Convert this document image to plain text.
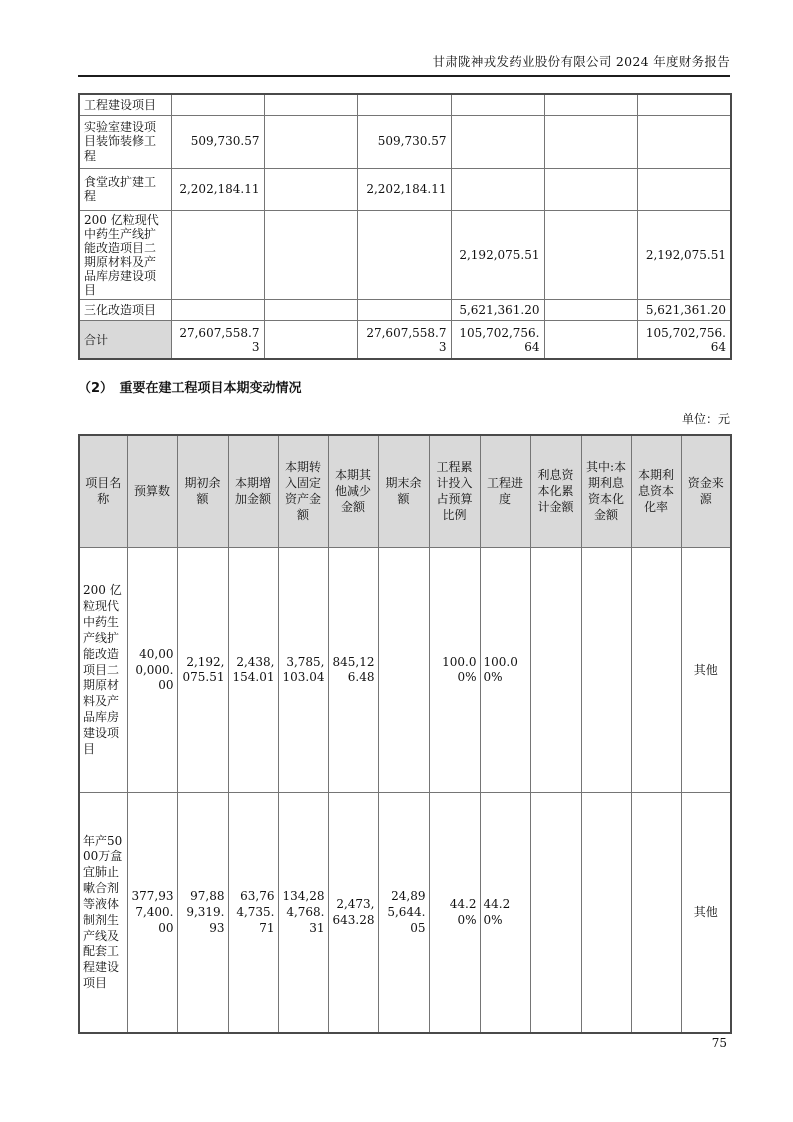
甘肃陇神戎发药业股份有限公司 2024 年度财务报告
工程建设项目						
实验室建设项目装饰装修工程	509,730.57		509,730.57			
食堂改扩建工程	2,202,184.11		2,202,184.11			
200 亿粒现代中药生产线扩能改造项目二期原材料及产品库房建设项目				2,192,075.51		2,192,075.51
三化改造项目				5,621,361.20		5,621,361.20
合计	27,607,558.73		27,607,558.73	105,702,756.64		105,702,756.64
（2）　重要在建工程项目本期变动情况
单位：元
项目名称	预算数	期初余额	本期增加金额	本期转入固定资产金额	本期其他减少金额	期末余额	工程累计投入占预算比例	工程进度	利息资本化累计金额	其中:本期利息资本化金额	本期利息资本化率	资金来源
200 亿粒现代中药生产线扩能改造项目二期原材料及产品库房建设项目	40,000,000.00	2,192,075.51	2,438,154.01	3,785,103.04	845,126.48		100.00%	100.00%				其他
年产5000万盒宜肺止嗽合剂等液体制剂生产线及配套工程建设项目	377,937,400.00	97,889,319.93	63,764,735.71	134,284,768.31	2,473,643.28	24,895,644.05	44.20%	44.20%				其他
75
